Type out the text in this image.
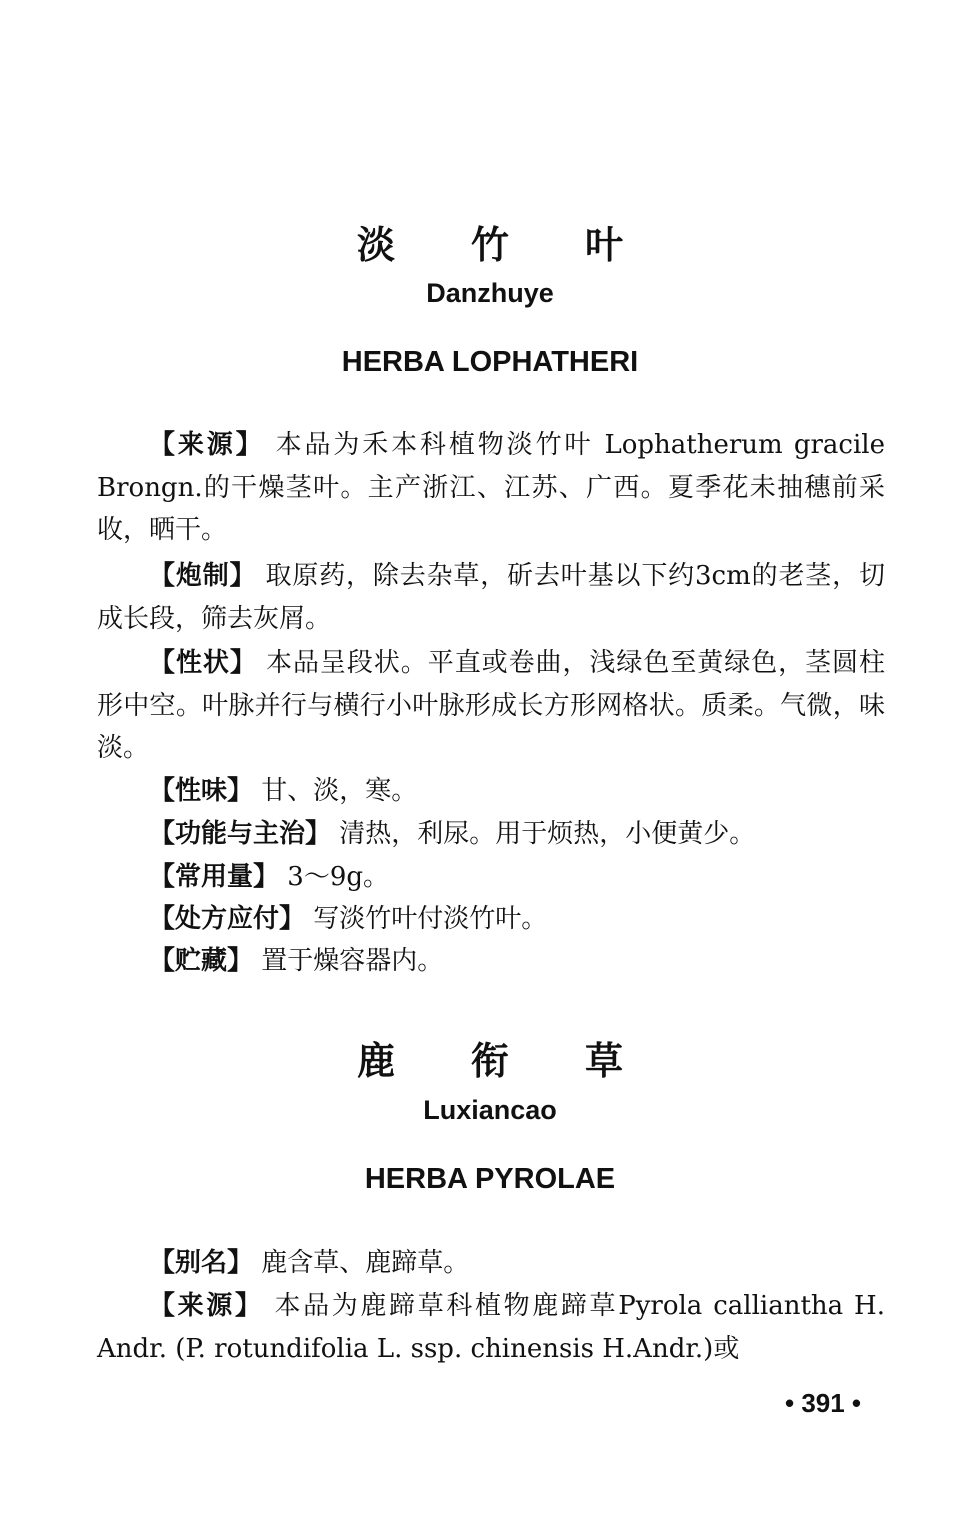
淡 竹 叶
Danzhuye
HERBA LOPHATHERI

【来源】 本品为禾本科植物淡竹叶 Lophatherum gracile Brongn.的干燥茎叶。主产浙江、江苏、广西。夏季花未抽穗前采收，晒干。

【炮制】 取原药，除去杂草，斫去叶基以下约3cm的老茎，切成长段，筛去灰屑。

【性状】 本品呈段状。平直或卷曲，浅绿色至黄绿色，茎圆柱形中空。叶脉并行与横行小叶脉形成长方形网格状。质柔。气微，味淡。

【性味】 甘、淡，寒。

【功能与主治】 清热，利尿。用于烦热，小便黄少。

【常用量】 3～9g。

【处方应付】 写淡竹叶付淡竹叶。

【贮藏】 置于燥容器内。

鹿 衔 草
Luxiancao
HERBA PYROLAE

【别名】 鹿含草、鹿蹄草。

【来源】 本品为鹿蹄草科植物鹿蹄草Pyrola calliantha H. Andr. (P. rotundifolia L. ssp. chinensis H.Andr.)或

• 391 •
